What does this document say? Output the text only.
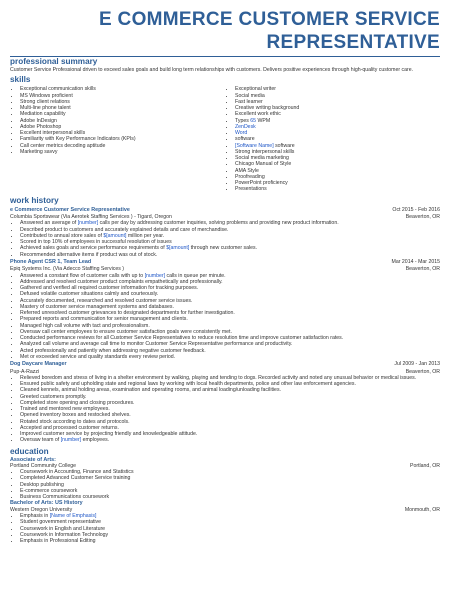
E COMMERCE CUSTOMER SERVICE
REPRESENTATIVE
professional summary
Customer Service Professional driven to exceed sales goals and build long term relationships with customers. Delivers positive experiences through high-quality customer care.
skills
• Exceptional communication skills
• MS Windows proficient
• Strong client relations
• Multi-line phone talent
• Mediation capability
• Adobe InDesign
• Adobe Photoshop
• Excellent interpersonal skills
• Familiarity with Key Performance Indicators (KPIs)
• Call center metrics decoding aptitude
• Marketing savvy
• Exceptional writer
• Social media
• Fast learner
• Creative writing background
• Excellent work ethic
• Types 65 WPM
• ZenDesk
• Word
• software
• [Software Name] software
• Strong interpersonal skills
• Social media marketing
• Chicago Manual of Style
• AMA Style
• Proofreading
• PowerPoint proficiency
• Presentations
work history
e Commerce Customer Service Representative	Oct 2015 - Feb 2016
Columbia Sportswear (Via Aerotek Staffing Services ) - Tigard, Oregon	Beaverton, OR
• Answered an average of [number] calls per day by addressing customer inquiries, solving problems and providing new product information.
• Described product to customers and accurately explained details and care of merchandise.
• Contributed to annual store sales of $[amount] million per year.
• Scored in top 10% of employees in successful resolution of issues
• Achieved sales goals and service performance requirements of $[amount] through new customer sales.
• Recommended alternative items if product was out of stock.
Phone Agent CSR 1, Team Lead	Mar 2014 - Mar 2015
Epiq Systems Inc. (Via Adecco Staffing Services )	Beaverton, OR
• Answered a constant flow of customer calls with up to [number] calls in queue per minute.
• Addressed and resolved customer product complaints empathetically and professionally.
• Gathered and verified all required customer information for tracking purposes.
• Defused volatile customer situations calmly and courteously.
• Accurately documented, researched and resolved customer service issues.
• Mastery of customer service management systems and databases.
• Referred unresolved customer grievances to designated departments for further investigation.
• Prepared reports and communication for senior management and clients.
• Managed high call volume with tact and professionalism.
• Oversaw call center employees to ensure customer satisfaction goals were consistently met.
• Conducted performance reviews for all Customer Service Representatives to reduce resolution time and improve customer satisfaction rates.
• Analyzed call volume and average call time to monitor Customer Service Representative performance and productivity.
• Acted professionally and patiently when addressing negative customer feedback.
• Met or exceeded service and quality standards every review period.
Dog Daycare Manager	Jul 2009 - Jan 2013
Pup-A-Razzi	Beaverton, OR
• Relieved boredom and stress of living in a shelter environment by walking, playing and tending to dogs. Recorded activity and noted any unusual behavior or medical issues.
• Ensured public safety and upholding state and regional laws by working with local health departments, police and other law enforcement agencies.
• Cleaned kennels, animal holding areas, examination and operating rooms, and animal loading/unloading facilities.
• Greeted customers promptly.
• Completed store opening and closing procedures.
• Trained and mentored new employees.
• Opened inventory boxes and restocked shelves.
• Rotated stock according to dates and protocols.
• Accepted and processed customer returns.
• Improved customer service by projecting friendly and knowledgeable attitude.
• Oversaw team of [number] employees.
education
Associate of Arts:
Portland Community College	Portland, OR
• Coursework in Accounting, Finance and Statistics
• Completed Advanced Customer Service training
• Desktop publishing
• E-commerce coursework
• Business Communications coursework
Bachelor of Arts: US History
Western Oregon University	Monmouth, OR
• Emphasis in [Name of Emphasis]
• Student government representative
• Coursework in English and Literature
• Coursework in Information Technology
• Emphasis in Professional Editing
